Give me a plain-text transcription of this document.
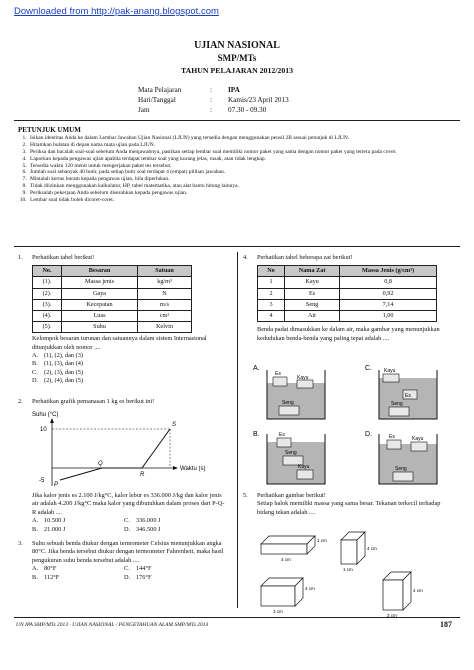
Downloaded from http://pak-anang.blogspot.com
UJIAN NASIONAL
SMP/MTs
TAHUN PELAJARAN 2012/2013
Mata Pelajaran	: IPA
Hari/Tanggal	: Kamis/23 April 2013
Jam	: 07.30 - 09.30
PETUNJUK UMUM
1. Isikan identitas Anda ke dalam Lembar Jawaban Ujian Nasional (LJUN) yang tersedia dengan menggunakan pensil 2B sesuai petunjuk di LJUN.
2. Hitamkan bulatan di depan nama mata ujian pada LJUN.
3. Periksa dan bacalah soal-soal sebelum Anda menjawabnya, pastikan setiap lembar soal memiliki nomor paket yang sama dengan nomor paket yang tertera pada cover.
4. Laporkan kepada pengawas ujian apabila terdapat lembar soal yang kurang jelas, rusak, atau tidak lengkap.
5. Tersedia waktu 120 menit untuk mengerjakan paket tes tersebut.
6. Jumlah soal sebanyak 40 butir, pada setiap butir soal terdapat 4 (empat) pilihan jawaban.
7. Mintalah kertas buram kepada pengawas ujian, bila diperlukan.
8. Tidak diizinkan menggunakan kalkulator, HP, tabel matematika, atau alat bantu hitung lainnya.
9. Periksalah pekerjaan Anda sebelum diserahkan kepada pengawas ujian.
10. Lembar soal tidak boleh dicoret-coret.
1. Perhatikan tabel berikut!
No.	Besaran	Satuan
(1).	Massa jenis	kg/m³
(2).	Gaya	N
(3).	Kecepatan	m/s
(4).	Luas	cm²
(5).	Suhu	Kelvin
Kelompok besaran turunan dan satuannya dalam sistem Internasional ditunjukkan oleh nomor ....
A. (1), (2), dan (3)
B. (1), (3), dan (4)
C. (2), (3), dan (5)
D. (2), (4), dan (5)
2. Perhatikan grafik pemanasan 1 kg es berikut ini!
Suhu (°C)
Waktu (s)
10
-5
P
Q
R
S
Jika kalor jenis es 2.100 J/kg°C, kalor lebur es 336.000 J/kg dan kalor jenis air adalah 4.200 J/kg°C maka kalor yang dibutuhkan dalam proses dari P-Q-R adalah ....
A. 10.500 J
B. 21.000 J
C. 336.000 J
D. 346.500 J
3. Suhu sebuah benda diukur dengan termometer Celsius menunjukkan angka 80°C. Jika benda tersebut diukur dengan termometer Fahrenheit, maka hasil pengukuran suhu benda tersebut adalah ....
A. 80°F
B. 112°F
C. 144°F
D. 176°F
4. Perhatikan tabel beberapa zat berikut!
No	Nama Zat	Massa Jenis (g/cm³)
1	Kayu	0,8
2	Es	0,92
3	Seng	7,14
4	Air	1,00
Benda padat dimasukkan ke dalam air, maka gambar yang menunjukkan kedudukan benda-benda yang paling tepat adalah ....
A.
Es
Kayu
Seng
C. Kayu
Es
Seng
B.	Es
Seng
Kayu
D.	Es	Kayu
Seng
5. Perhatikan gambar berikut!
Setiap balok memiliki massa yang sama besar. Tekanan terkecil terhadap bidang tekan adalah ....
4 cm
1 cm
1 cm
4 cm
3 cm
4 cm
3 cm
4 cm
UN IPA SMP/MTs 2013 · UJIAN NASIONAL / PENGETAHUAN ALAM SMP/MTs 2013	187
